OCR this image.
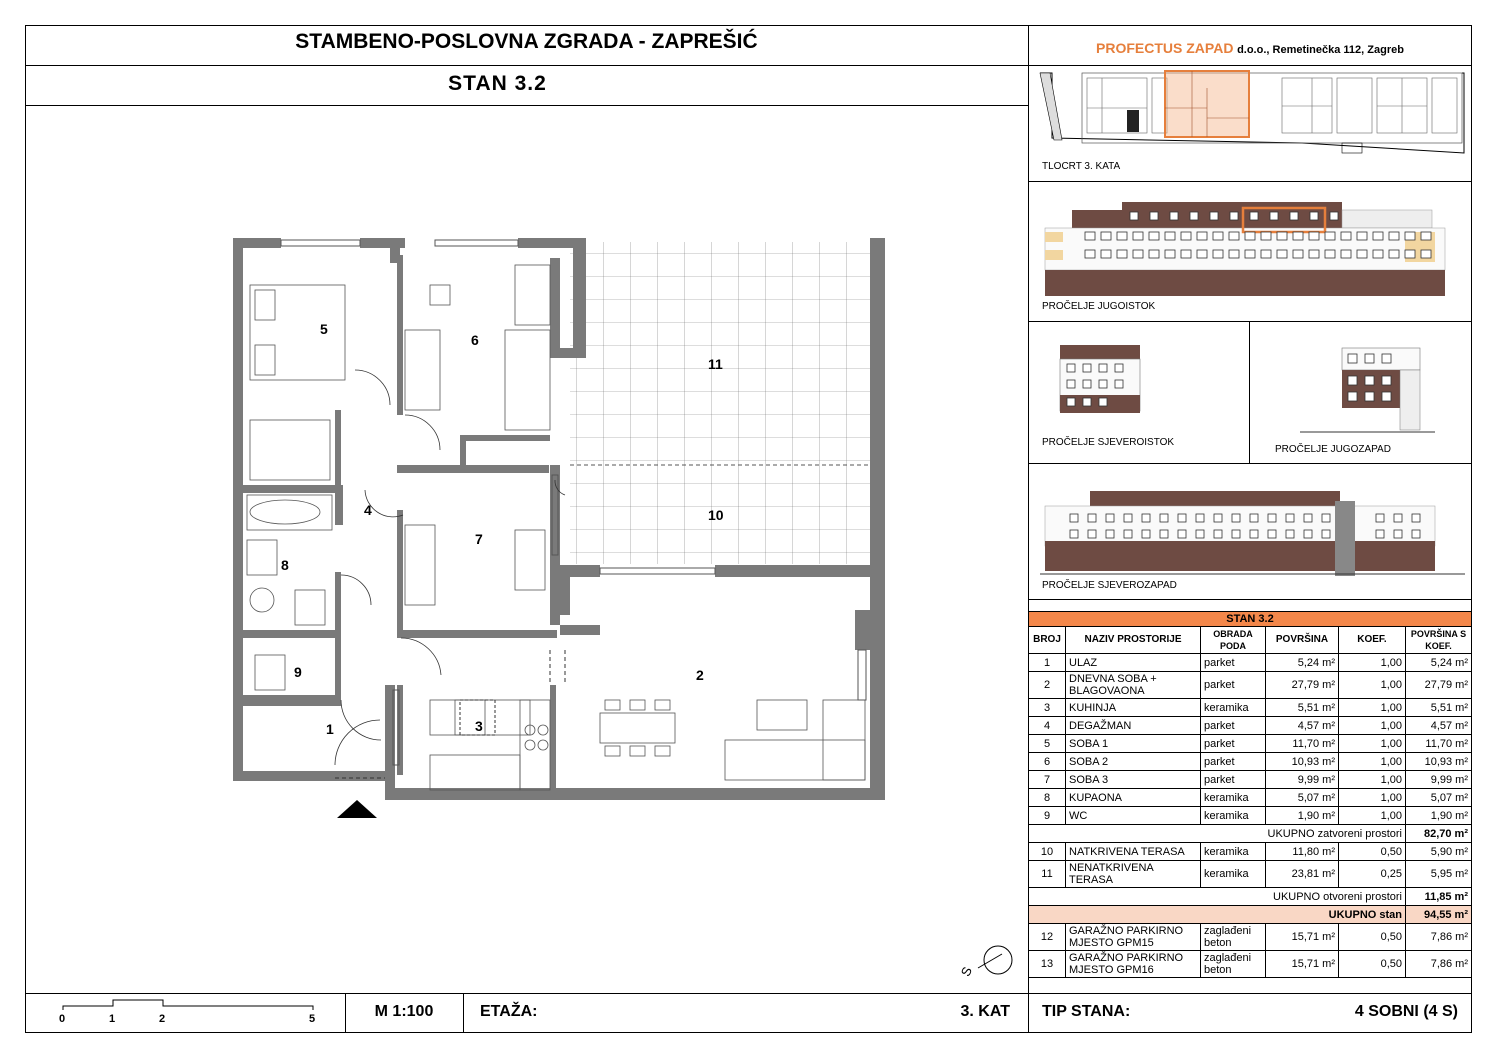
STAMBENO-POSLOVNA ZGRADA - ZAPREŠIĆ
STAN 3.2
PROFECTUS ZAPAD d.o.o., Remetinečka 112, Zagreb
TLOCRT 3. KATA
PROČELJE JUGOISTOK
PROČELJE SJEVEROISTOK
PROČELJE JUGOZAPAD
PROČELJE SJEVEROZAPAD
STAN 3.2					
BROJ	NAZIV PROSTORIJE	OBRADA PODA	POVRŠINA	KOEF.	POVRŠINA S KOEF.
1	ULAZ	parket	5,24 m²	1,00	5,24 m²
2	DNEVNA SOBA + BLAGOVAONA	parket	27,79 m²	1,00	27,79 m²
3	KUHINJA	keramika	5,51 m²	1,00	5,51 m²
4	DEGAŽMAN	parket	4,57 m²	1,00	4,57 m²
5	SOBA 1	parket	11,70 m²	1,00	11,70 m²
6	SOBA 2	parket	10,93 m²	1,00	10,93 m²
7	SOBA 3	parket	9,99 m²	1,00	9,99 m²
8	KUPAONA	keramika	5,07 m²	1,00	5,07 m²
9	WC	keramika	1,90 m²	1,00	1,90 m²
UKUPNO zatvoreni prostori					82,70 m²
10	NATKRIVENA TERASA	keramika	11,80 m²	0,50	5,90 m²
11	NENATKRIVENA TERASA	keramika	23,81 m²	0,25	5,95 m²
UKUPNO otvoreni prostori					11,85 m²
UKUPNO stan					94,55 m²
12	GARAŽNO PARKIRNO MJESTO GPM15	zaglađeni beton	15,71 m²	0,50	7,86 m²
13	GARAŽNO PARKIRNO MJESTO GPM16	zaglađeni beton	15,71 m²	0,50	7,86 m²
5
6
11
4	10
7
8
9	2
3
1
S
0	1	2	5	M 1:100	ETAŽA:	3. KAT TIP STANA:	4 SOBNI (4 S)
